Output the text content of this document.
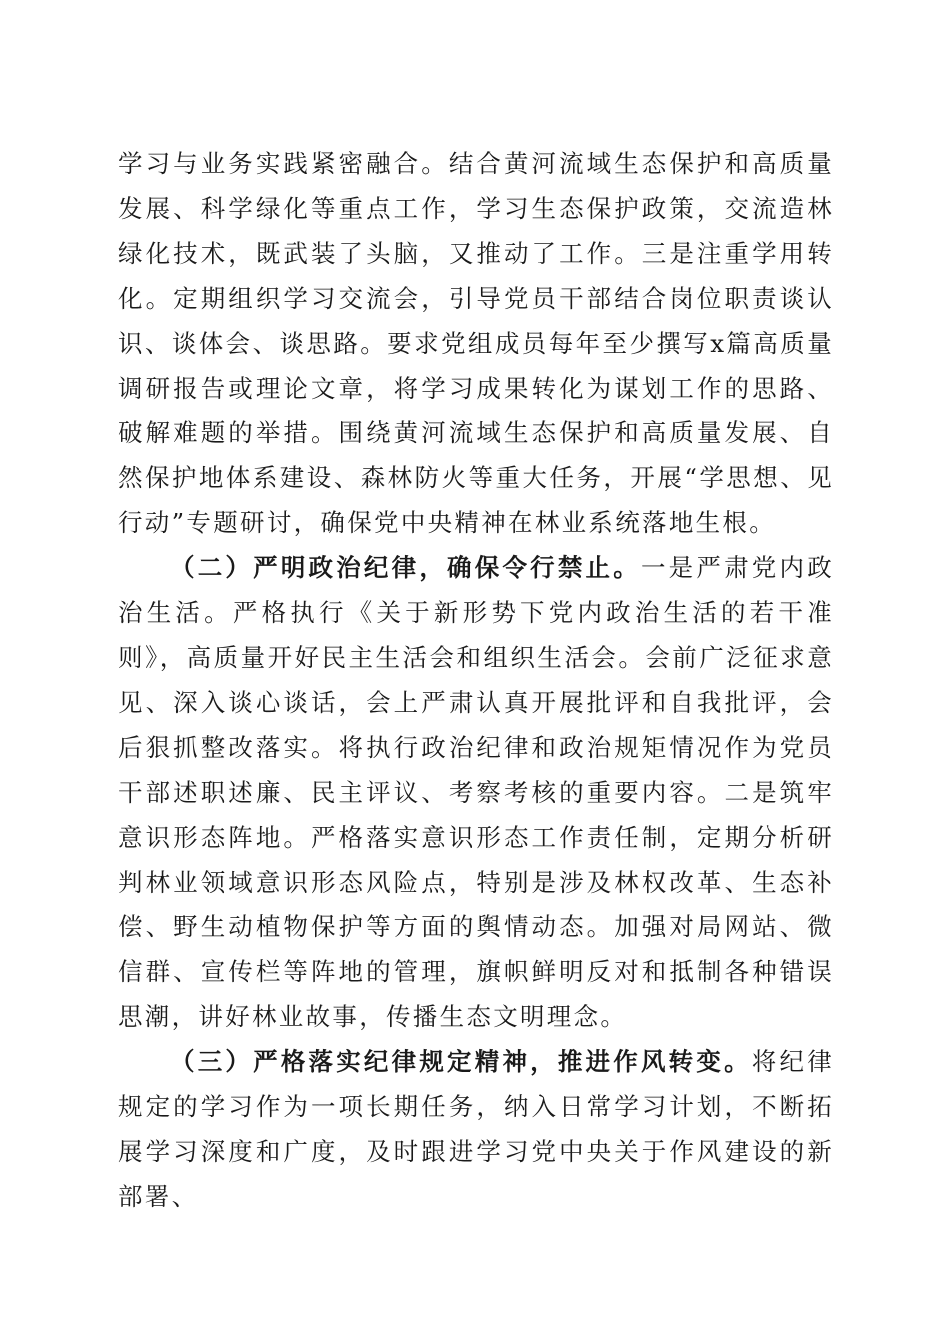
学习与业务实践紧密融合。结合黄河流域生态保护和高质量发展、科学绿化等重点工作，学习生态保护政策，交流造林绿化技术，既武装了头脑，又推动了工作。三是注重学用转化。定期组织学习交流会，引导党员干部结合岗位职责谈认识、谈体会、谈思路。要求党组成员每年至少撰写x篇高质量调研报告或理论文章，将学习成果转化为谋划工作的思路、破解难题的举措。围绕黄河流域生态保护和高质量发展、自然保护地体系建设、森林防火等重大任务，开展“学思想、见行动”专题研讨，确保党中央精神在林业系统落地生根。

（二）严明政治纪律，确保令行禁止。一是严肃党内政治生活。严格执行《关于新形势下党内政治生活的若干准则》，高质量开好民主生活会和组织生活会。会前广泛征求意见、深入谈心谈话，会上严肃认真开展批评和自我批评，会后狠抓整改落实。将执行政治纪律和政治规矩情况作为党员干部述职述廉、民主评议、考察考核的重要内容。二是筑牢意识形态阵地。严格落实意识形态工作责任制，定期分析研判林业领域意识形态风险点，特别是涉及林权改革、生态补偿、野生动植物保护等方面的舆情动态。加强对局网站、微信群、宣传栏等阵地的管理，旗帜鲜明反对和抵制各种错误思潮，讲好林业故事，传播生态文明理念。

（三）严格落实纪律规定精神，推进作风转变。将纪律规定的学习作为一项长期任务，纳入日常学习计划，不断拓展学习深度和广度，及时跟进学习党中央关于作风建设的新部署、
